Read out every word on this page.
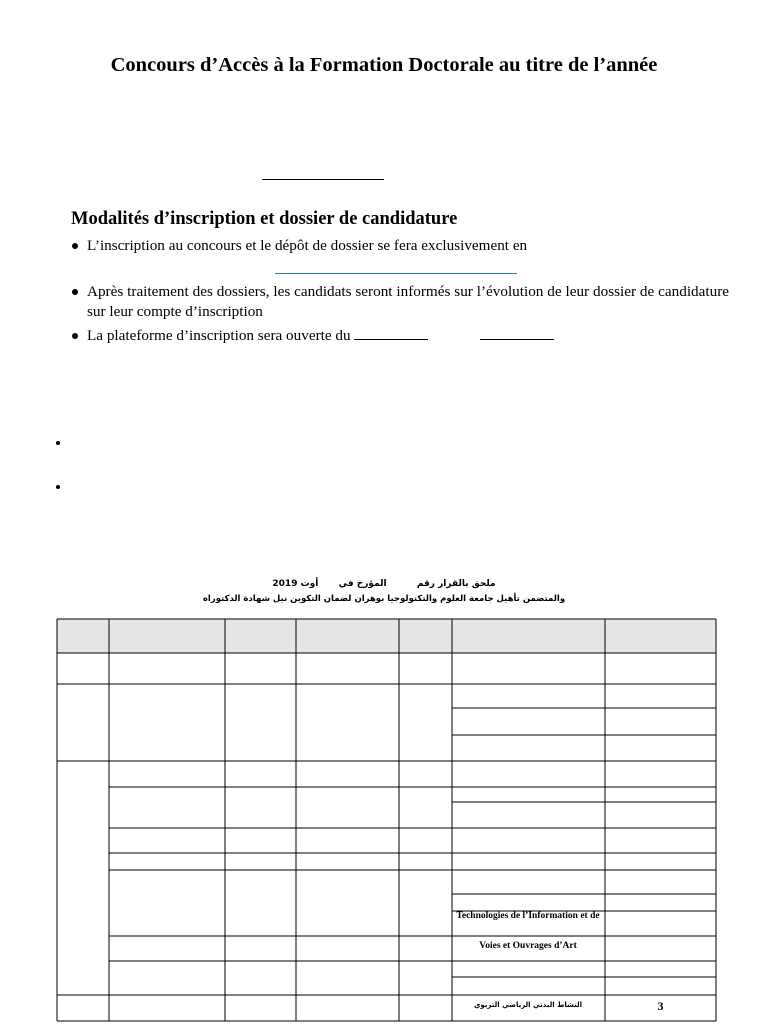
Concours d’Accès à la Formation Doctorale au titre de l’année
Modalités d’inscription et dossier de candidature
L’inscription au concours et le dépôt de dossier se fera exclusivement en
Après traitement des dossiers, les candidats seront informés sur l’évolution de leur dossier de candidature sur leur compte d’inscription
La plateforme d’inscription sera ouverte du
ملحق بالقرار رقم  المؤرخ في  أوت 2019
والمتضمن تأهيل جامعة العلوم والتكنولوجيا بوهران لضمان التكوين نيل شهادة الدكتوراه
Technologies de l’Information et de
Voies et Ouvrages d’Art
النشاط البدني الرياضي التربوي	3
